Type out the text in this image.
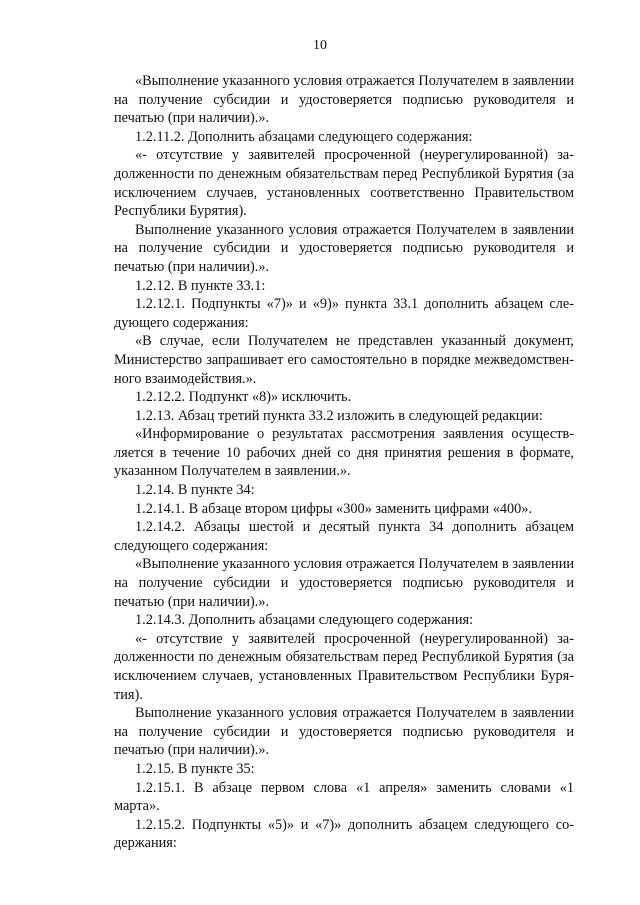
10

«Выполнение указанного условия отражается Получателем в заявлении на получение субсидии и удостоверяется подписью руководителя и печатью (при наличии).».

1.2.11.2. Дополнить абзацами следующего содержания:

«- отсутствие у заявителей просроченной (неурегулированной) задолженности по денежным обязательствам перед Республикой Бурятия (за исключением случаев, установленных соответственно Правительством Республики Бурятия).

Выполнение указанного условия отражается Получателем в заявлении на получение субсидии и удостоверяется подписью руководителя и печатью (при наличии).».

1.2.12. В пункте 33.1:

1.2.12.1. Подпункты «7)» и «9)» пункта 33.1 дополнить абзацем следующего содержания:

«В случае, если Получателем не представлен указанный документ, Министерство запрашивает его самостоятельно в порядке межведомственного взаимодействия.».

1.2.12.2. Подпункт «8)» исключить.

1.2.13. Абзац третий пункта 33.2 изложить в следующей редакции:

«Информирование о результатах рассмотрения заявления осуществляется в течение 10 рабочих дней со дня принятия решения в формате, указанном Получателем в заявлении.».

1.2.14. В пункте 34:

1.2.14.1. В абзаце втором цифры «300» заменить цифрами «400».

1.2.14.2. Абзацы шестой и десятый пункта 34 дополнить абзацем следующего содержания:

«Выполнение указанного условия отражается Получателем в заявлении на получение субсидии и удостоверяется подписью руководителя и печатью (при наличии).».

1.2.14.3. Дополнить абзацами следующего содержания:

«- отсутствие у заявителей просроченной (неурегулированной) задолженности по денежным обязательствам перед Республикой Бурятия (за исключением случаев, установленных Правительством Республики Бурятия).

Выполнение указанного условия отражается Получателем в заявлении на получение субсидии и удостоверяется подписью руководителя и печатью (при наличии).».

1.2.15. В пункте 35:

1.2.15.1. В абзаце первом слова «1 апреля» заменить словами «1 марта».

1.2.15.2. Подпункты «5)» и «7)» дополнить абзацем следующего содержания:
